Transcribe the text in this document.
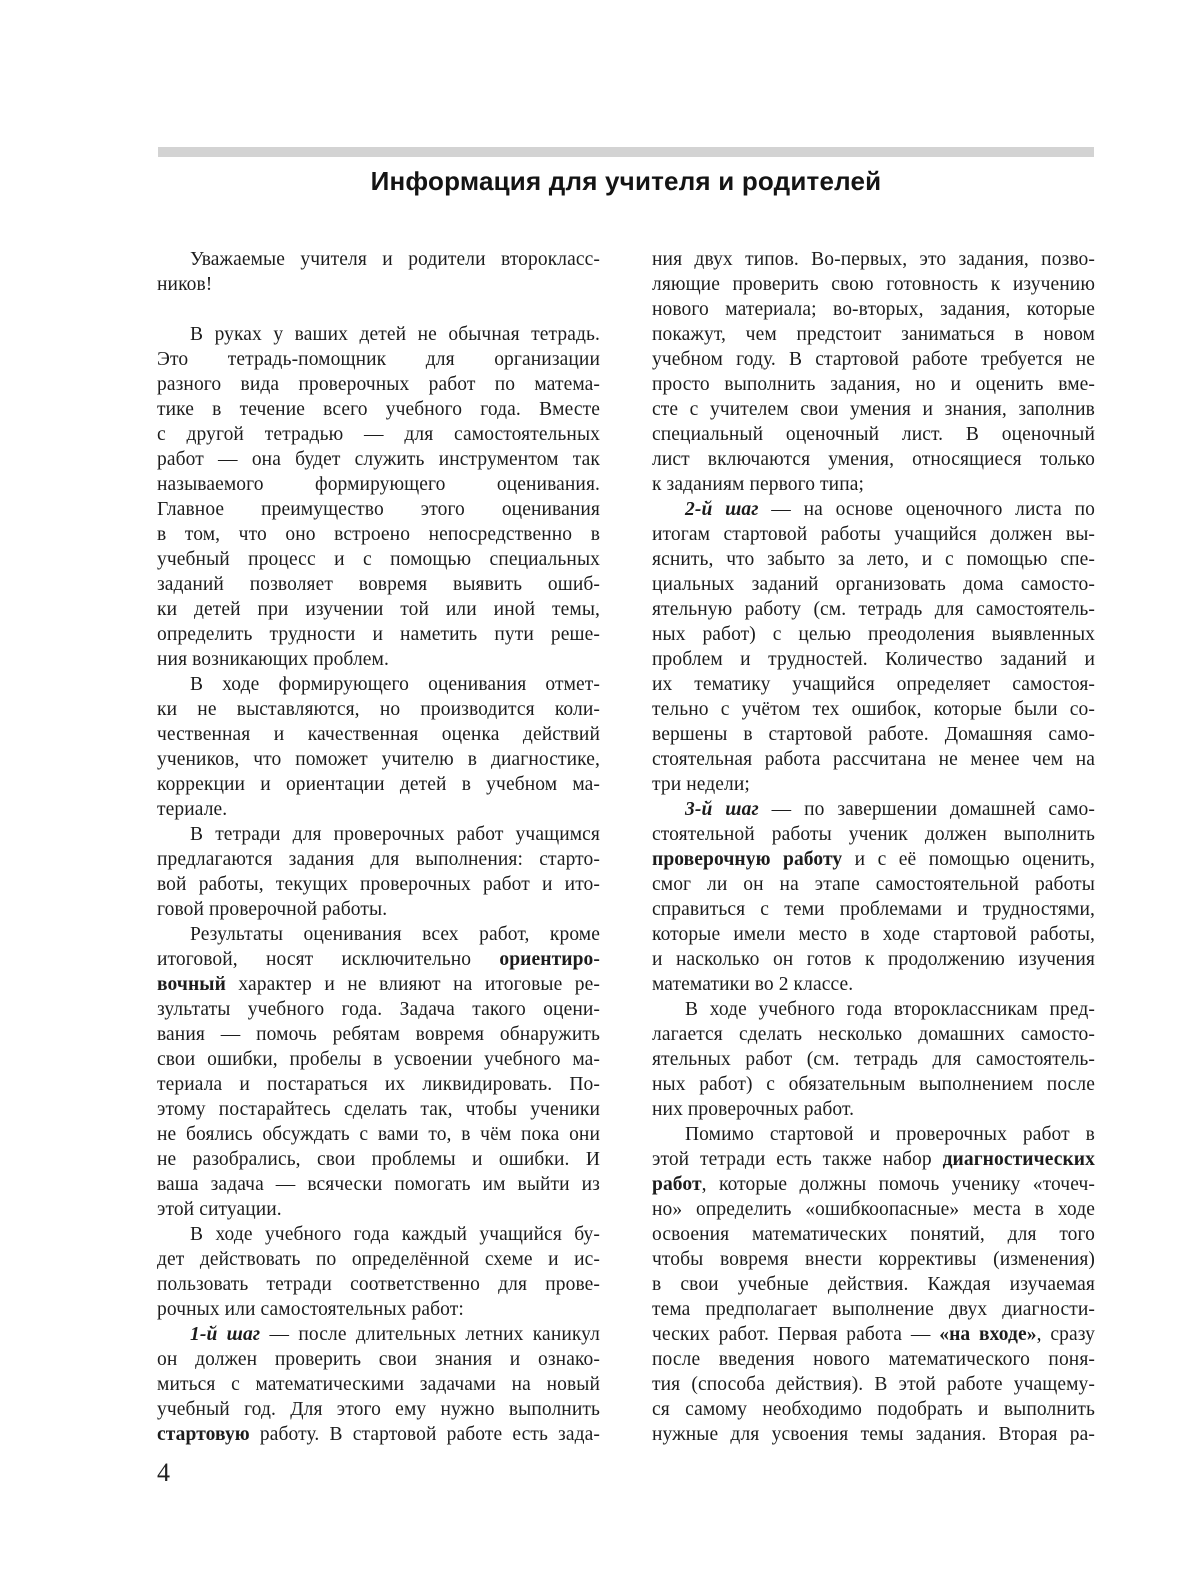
Информация для учителя и родителей
Уважаемые учителя и родители второкласс-
ников!
В руках у ваших детей не обычная тетрадь.
Это тетрадь-помощник для организации
разного вида проверочных работ по матема-
тике в течение всего учебного года. Вместе
с другой тетрадью — для самостоятельных
работ — она будет служить инструментом так
называемого формирующего оценивания.
Главное преимущество этого оценивания
в том, что оно встроено непосредственно в
учебный процесс и с помощью специальных
заданий позволяет вовремя выявить ошиб-
ки детей при изучении той или иной темы,
определить трудности и наметить пути реше-
ния возникающих проблем.
В ходе формирующего оценивания отмет-
ки не выставляются, но производится коли-
чественная и качественная оценка действий
учеников, что поможет учителю в диагностике,
коррекции и ориентации детей в учебном ма-
териале.
В тетради для проверочных работ учащимся
предлагаются задания для выполнения: старто-
вой работы, текущих проверочных работ и ито-
говой проверочной работы.
Результаты оценивания всех работ, кроме
итоговой, носят исключительно ориентиро-
вочный характер и не влияют на итоговые ре-
зультаты учебного года. Задача такого оцени-
вания — помочь ребятам вовремя обнаружить
свои ошибки, пробелы в усвоении учебного ма-
териала и постараться их ликвидировать. По-
этому постарайтесь сделать так, чтобы ученики
не боялись обсуждать с вами то, в чём пока они
не разобрались, свои проблемы и ошибки. И
ваша задача — всячески помогать им выйти из
этой ситуации.
В ходе учебного года каждый учащийся бу-
дет действовать по определённой схеме и ис-
пользовать тетради соответственно для прове-
рочных или самостоятельных работ:
1-й шаг — после длительных летних каникул
он должен проверить свои знания и ознако-
миться с математическими задачами на новый
учебный год. Для этого ему нужно выполнить
стартовую работу. В стартовой работе есть зада-
ния двух типов. Во-первых, это задания, позво-
ляющие проверить свою готовность к изучению
нового материала; во-вторых, задания, которые
покажут, чем предстоит заниматься в новом
учебном году. В стартовой работе требуется не
просто выполнить задания, но и оценить вме-
сте с учителем свои умения и знания, заполнив
специальный оценочный лист. В оценочный
лист включаются умения, относящиеся только
к заданиям первого типа;
2-й шаг — на основе оценочного листа по
итогам стартовой работы учащийся должен вы-
яснить, что забыто за лето, и с помощью спе-
циальных заданий организовать дома самосто-
ятельную работу (см. тетрадь для самостоятель-
ных работ) с целью преодоления выявленных
проблем и трудностей. Количество заданий и
их тематику учащийся определяет самостоя-
тельно с учётом тех ошибок, которые были со-
вершены в стартовой работе. Домашняя само-
стоятельная работа рассчитана не менее чем на
три недели;
3-й шаг — по завершении домашней само-
стоятельной работы ученик должен выполнить
проверочную работу и с её помощью оценить,
смог ли он на этапе самостоятельной работы
справиться с теми проблемами и трудностями,
которые имели место в ходе стартовой работы,
и насколько он готов к продолжению изучения
математики во 2 классе.
В ходе учебного года второклассникам пред-
лагается сделать несколько домашних самосто-
ятельных работ (см. тетрадь для самостоятель-
ных работ) с обязательным выполнением после
них проверочных работ.
Помимо стартовой и проверочных работ в
этой тетради есть также набор диагностических
работ, которые должны помочь ученику «точеч-
но» определить «ошибкоопасные» места в ходе
освоения математических понятий, для того
чтобы вовремя внести коррективы (изменения)
в свои учебные действия. Каждая изучаемая
тема предполагает выполнение двух диагности-
ческих работ. Первая работа — «на входе», сразу
после введения нового математического поня-
тия (способа действия). В этой работе учащему-
ся самому необходимо подобрать и выполнить
нужные для усвоения темы задания. Вторая ра-
4
